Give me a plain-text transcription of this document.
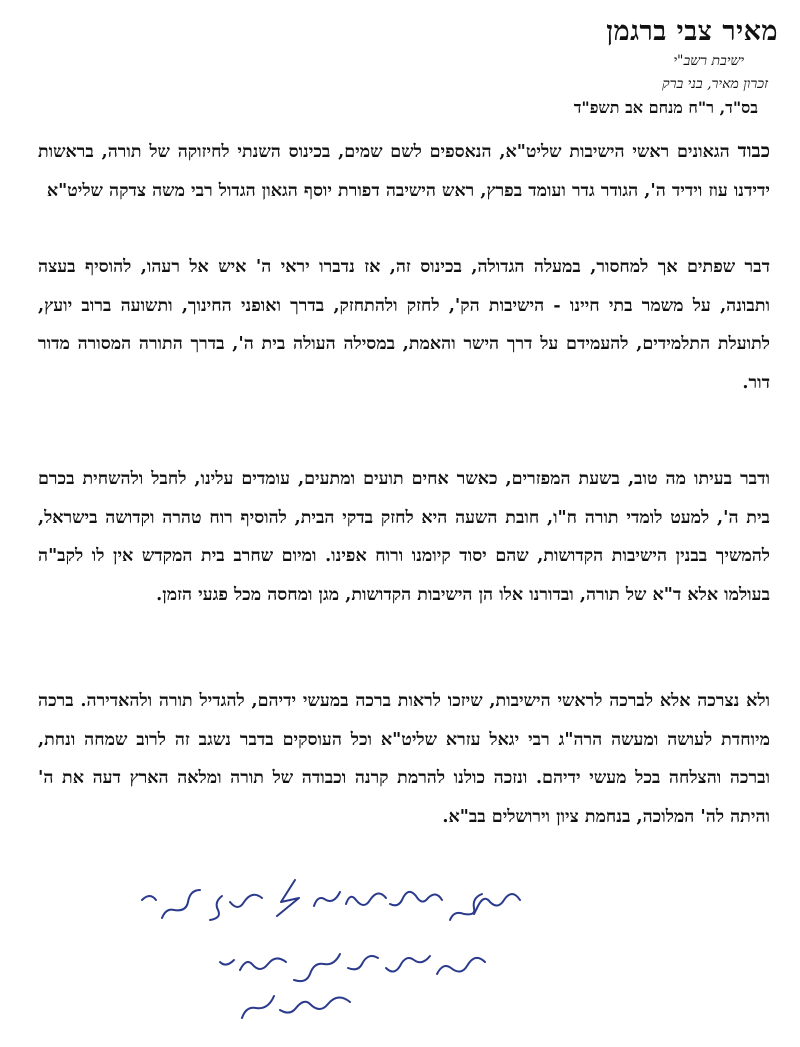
מאיר צבי ברגמן
ישיבת רשב"י
זכרון מאיר, בני ברק
בס"ד, ר"ח מנחם אב תשפ"ד
כבוד הגאונים ראשי הישיבות שליט"א, הנאספים לשם שמים, בכינוס השנתי לחיזוקה של תורה, בראשות ידידנו עוז וידיד ה', הגודר גדר ועומד בפרץ, ראש הישיבה דפורת יוסף הגאון הגדול רבי משה צדקה שליט"א
דבר שפתים אך למחסור, במעלה הגדולה, בכינוס זה, אז נדברו יראי ה' איש אל רעהו, להוסיף בעצה ותבונה, על משמר בתי חיינו - הישיבות הק', לחזק ולהתחזק, בדרך ואופני החינוך, ותשועה ברוב יועץ, לתועלת התלמידים, להעמידם על דרך הישר והאמת, במסילה העולה בית ה', בדרך התורה המסורה מדור דור.
ודבר בעיתו מה טוב, בשעת המפזרים, כאשר אחים תועים ומתעים, עומדים עלינו, לחבל ולהשחית בכרם בית ה', למעט לומדי תורה ח"ו, חובת השעה היא לחזק בדקי הבית, להוסיף רוח טהרה וקדושה בישראל, להמשיך בבנין הישיבות הקדושות, שהם יסוד קיומנו ורוח אפינו. ומיום שחרב בית המקדש אין לו לקב"ה בעולמו אלא ד"א של תורה, ובדורנו אלו הן הישיבות הקדושות, מגן ומחסה מכל פגעי הזמן.
ולא נצרכה אלא לברכה לראשי הישיבות, שיזכו לראות ברכה במעשי ידיהם, להגדיל תורה ולהאדירה. ברכה מיוחדת לעושה ומעשה הרה"ג רבי יגאל עזרא שליט"א וכל העוסקים בדבר נשגב זה לרוב שמחה ונחת, וברכה והצלחה בכל מעשי ידיהם. ונזכה כולנו להרמת קרנה וכבודה של תורה ומלאה הארץ דעה את ה' והיתה לה' המלוכה, בנחמת ציון וירושלים בב"א.
